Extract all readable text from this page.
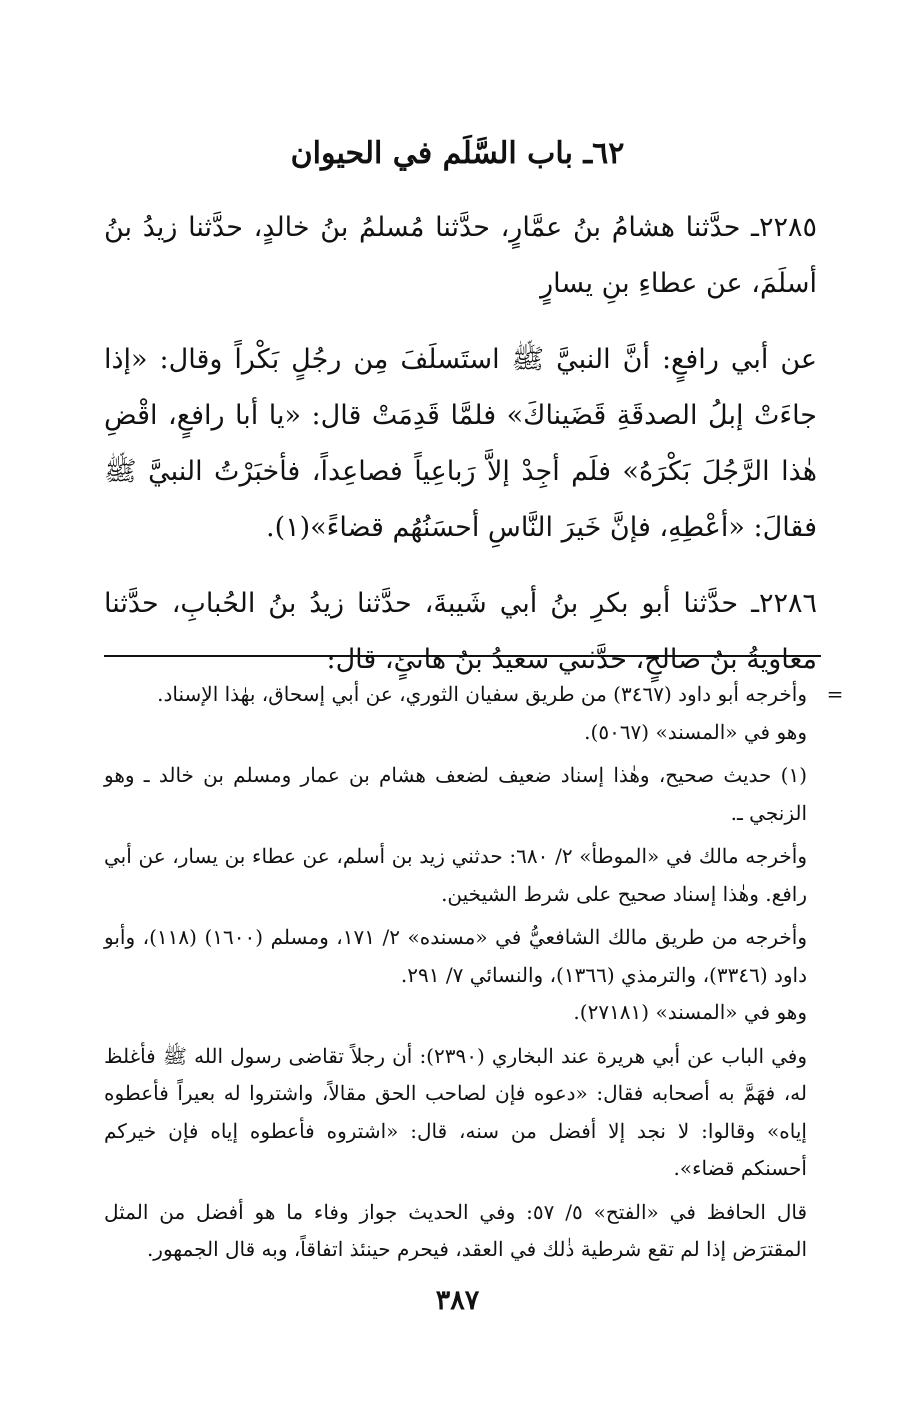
٦٢ـ باب السَّلَم في الحيوان

٢٢٨٥ـ حدَّثنا هشامُ بنُ عمَّارٍ، حدَّثنا مُسلمُ بنُ خالدٍ، حدَّثنا زيدُ بنُ أسلَمَ، عن عطاءِ بنِ يسارٍ

عن أبي رافعٍ: أنَّ النبيَّ ﷺ استَسلَفَ مِن رجُلٍ بَكْراً وقال: «إذا جاءَتْ إبلُ الصدقَةِ قَضَيناكَ» فلمَّا قَدِمَتْ قال: «يا أبا رافعٍ، اقْضِ هٰذا الرَّجُلَ بَكْرَهُ» فلَم أجِدْ إلاَّ رَباعِياً فصاعِداً، فأخبَرْتُ النبيَّ ﷺ فقالَ: «أعْطِهِ، فإنَّ خَيرَ النَّاسِ أحسَنُهُم قضاءً»(١).

٢٢٨٦ـ حدَّثنا أبو بكرِ بنُ أبي شَيبةَ، حدَّثنا زيدُ بنُ الحُبابِ، حدَّثنا معاويةُ بنُ صالحٍ، حدَّثني سعيدُ بنُ هانئٍ، قال:

=

وأخرجه أبو داود (٣٤٦٧) من طريق سفيان الثوري، عن أبي إسحاق، بهٰذا الإسناد.

وهو في «المسند» (٥٠٦٧).

(١) حديث صحيح، وهٰذا إسناد ضعيف لضعف هشام بن عمار ومسلم بن خالد ـ وهو الزنجي ـ.

وأخرجه مالك في «الموطأ» ٢/ ٦٨٠: حدثني زيد بن أسلم، عن عطاء بن يسار، عن أبي رافع. وهٰذا إسناد صحيح على شرط الشيخين.

وأخرجه من طريق مالك الشافعيُّ في «مسنده» ٢/ ١٧١، ومسلم (١٦٠٠) (١١٨)، وأبو داود (٣٣٤٦)، والترمذي (١٣٦٦)، والنسائي ٧/ ٢٩١.

وهو في «المسند» (٢٧١٨١).

وفي الباب عن أبي هريرة عند البخاري (٢٣٩٠): أن رجلاً تقاضى رسول الله ﷺ فأغلظ له، فهَمَّ به أصحابه فقال: «دعوه فإن لصاحب الحق مقالاً، واشتروا له بعيراً فأعطوه إياه» وقالوا: لا نجد إلا أفضل من سنه، قال: «اشتروه فأعطوه إياه فإن خيركم أحسنكم قضاء».

قال الحافظ في «الفتح» ٥/ ٥٧: وفي الحديث جواز وفاء ما هو أفضل من المثل المقترَض إذا لم تقع شرطية ذٰلك في العقد، فيحرم حينئذ اتفاقاً، وبه قال الجمهور.

٣٨٧
